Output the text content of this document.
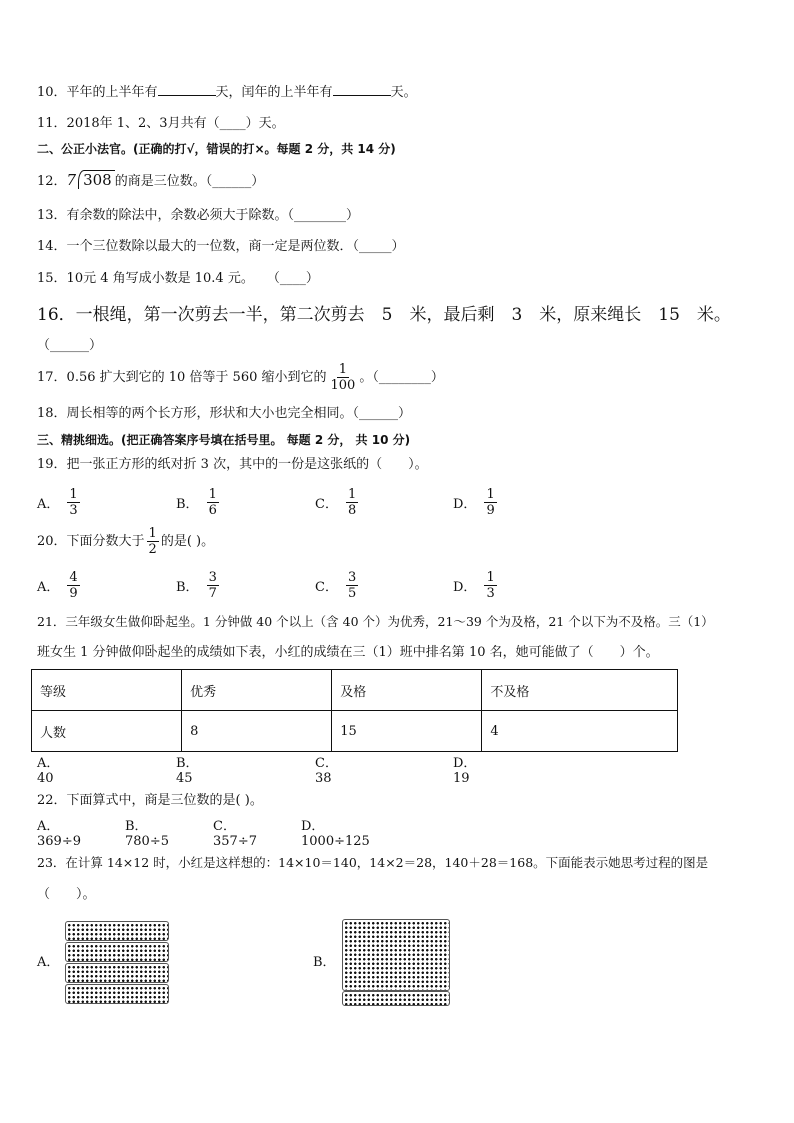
10．平年的上半年有	天，闰年的上半年有	天。
11．2018年 1、2、3月共有（____）天。
二、公正小法官。(正确的打√，错误的打×。每题 2 分，共 14 分)
12．7 308 的商是三位数。（______）
13．有余数的除法中，余数必须大于除数。（________）
14．一个三位数除以最大的一位数，商一定是两位数．（_____）
15．10元 4 角写成小数是 10.4 元。　　（____）
16．一根绳，第一次剪去一半，第二次剪去　5　米，最后剩　3　米，原来绳长　15　米。
（______）
17．0.56 扩大到它的 10 倍等于 560 缩小到它的 $\frac{1}{100}$ 。（________）
18．周长相等的两个长方形，形状和大小也完全相同。（______）
三、精挑细选。(把正确答案序号填在括号里。 每题 2 分， 共 10 分)
19．把一张正方形的纸对折 3 次，其中的一份是这张纸的（　　）。
A． $\frac{1}{3}$	B． $\frac{1}{6}$	C． $\frac{1}{8}$	D． $\frac{1}{9}$
20．下面分数大于 $\frac{1}{2}$ 的是( )。
A． $\frac{4}{9}$	B． $\frac{3}{7}$	C． $\frac{3}{5}$	D． $\frac{1}{3}$
21．三年级女生做仰卧起坐。1 分钟做 40 个以上（含 40 个）为优秀，21～39 个为及格，21 个以下为不及格。三（1）
班女生 1 分钟做仰卧起坐的成绩如下表，小红的成绩在三（1）班中排名第 10 名，她可能做了（　　）个。
等级	优秀	及格	不及格
人数	8	15	4
A．40
B．45
C．38
D．19
22．下面算式中，商是三位数的是( )。
A．369÷9
B．780÷5
C．357÷7
D．1000÷125
23．在计算 14×12 时，小红是这样想的：14×10＝140，14×2＝28，140＋28＝168。下面能表示她思考过程的图是
（　　）。
A．	B．
